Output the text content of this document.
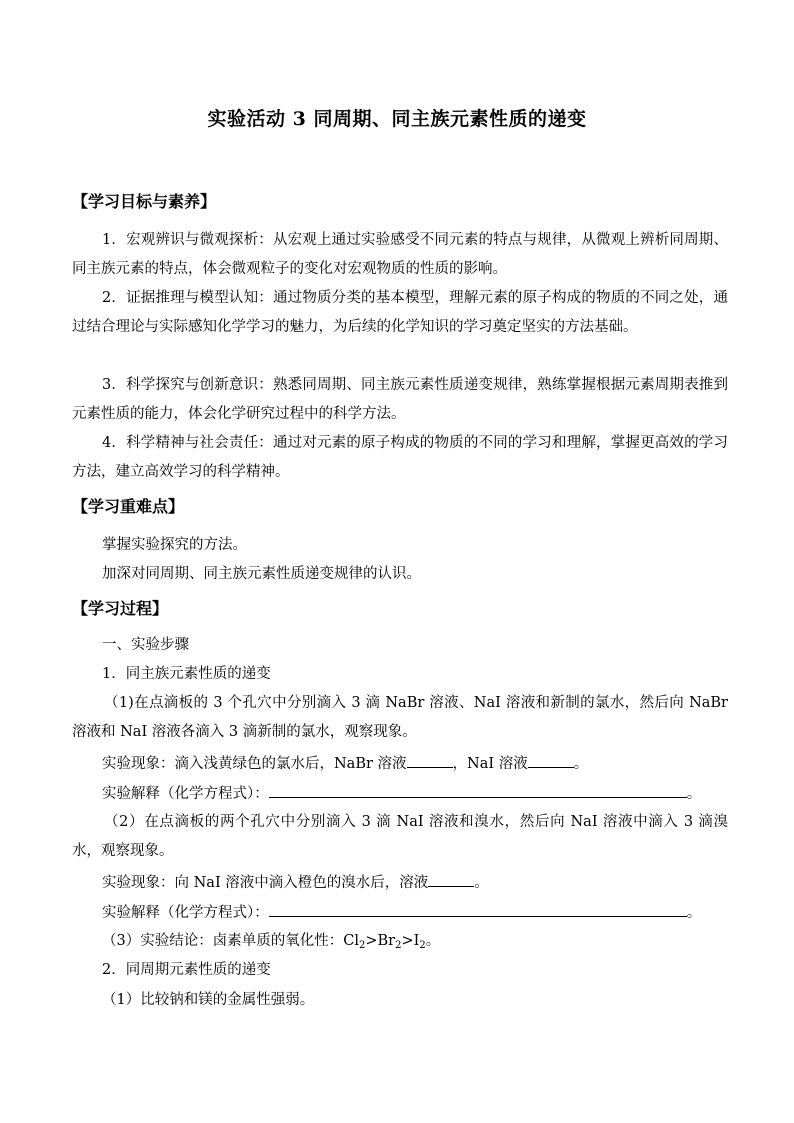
实验活动 3 同周期、同主族元素性质的递变
【学习目标与素养】

1．宏观辨识与微观探析：从宏观上通过实验感受不同元素的特点与规律，从微观上辨析同周期、同主族元素的特点，体会微观粒子的变化对宏观物质的性质的影响。

2．证据推理与模型认知：通过物质分类的基本模型，理解元素的原子构成的物质的不同之处，通过结合理论与实际感知化学学习的魅力，为后续的化学知识的学习奠定坚实的方法基础。

3．科学探究与创新意识：熟悉同周期、同主族元素性质递变规律，熟练掌握根据元素周期表推到元素性质的能力，体会化学研究过程中的科学方法。

4．科学精神与社会责任：通过对元素的原子构成的物质的不同的学习和理解，掌握更高效的学习方法，建立高效学习的科学精神。

【学习重难点】
掌握实验探究的方法。
加深对同周期、同主族元素性质递变规律的认识。
【学习过程】
一、实验步骤
1．同主族元素性质的递变

（1)在点滴板的 3 个孔穴中分别滴入 3 滴 NaBr 溶液、NaI 溶液和新制的氯水，然后向 NaBr 溶液和 NaI 溶液各滴入 3 滴新制的氯水，观察现象。

实验现象：滴入浅黄绿色的氯水后，NaBr 溶液	，NaI 溶液	。
实验解释（化学方程式）：	。

（2）在点滴板的两个孔穴中分别滴入 3 滴 NaI 溶液和溴水，然后向 NaI 溶液中滴入 3 滴溴水，观察现象。

实验现象：向 NaI 溶液中滴入橙色的溴水后，溶液	。
实验解释（化学方程式）：	。
（3）实验结论：卤素单质的氧化性：$Cl_2>Br_2>I_2$。
2．同周期元素性质的递变
（1）比较钠和镁的金属性强弱。
